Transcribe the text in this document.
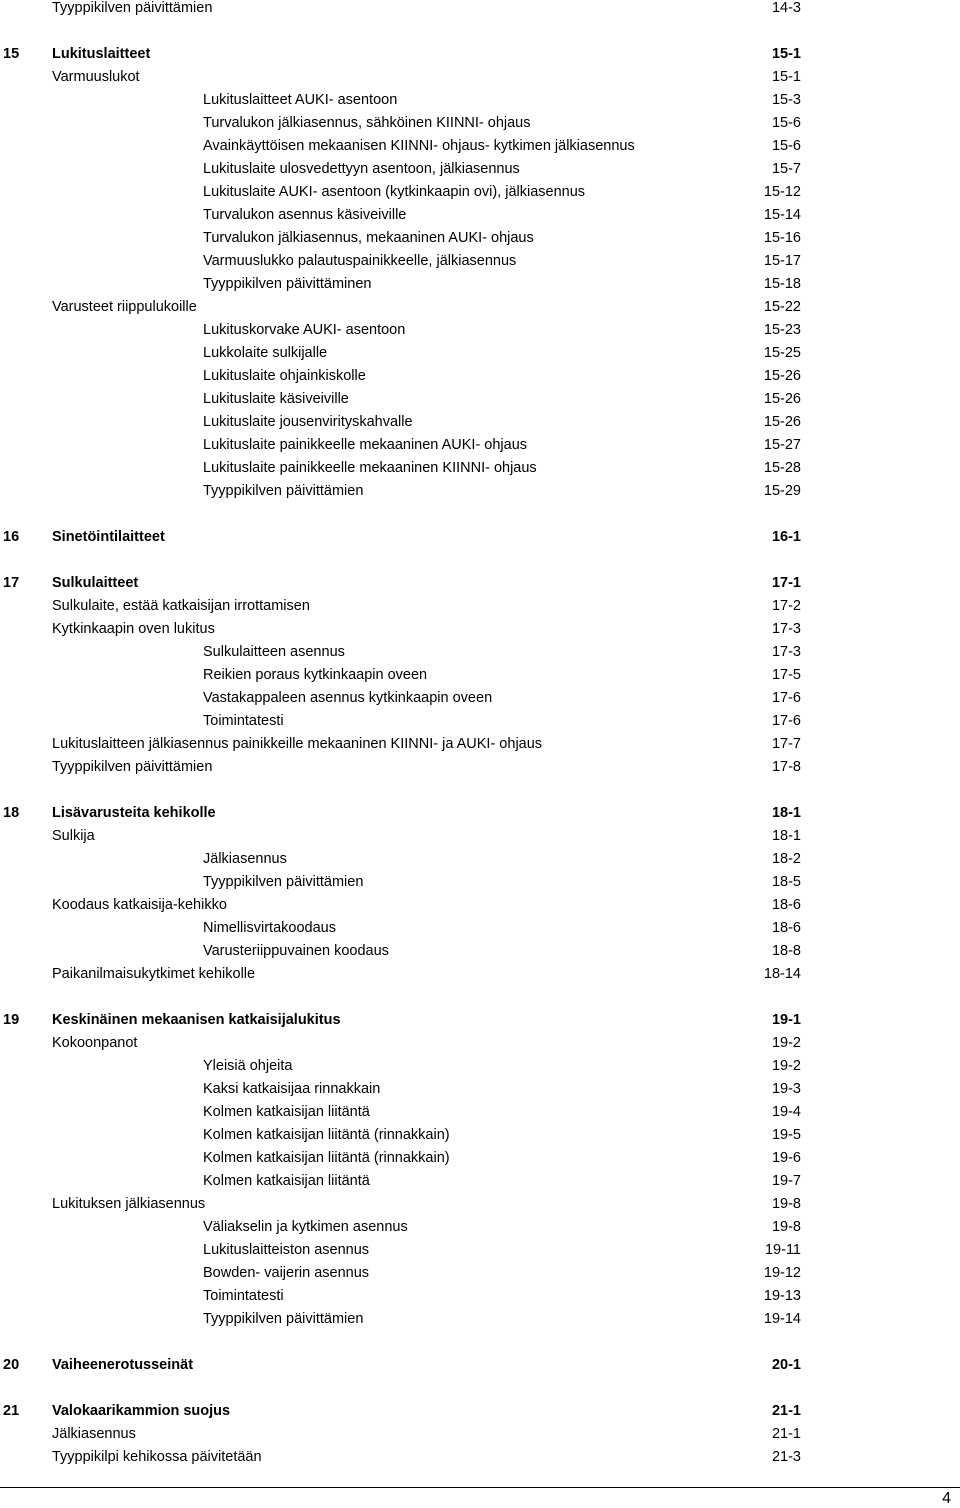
Tyyppikilven päivittämien	14-3
15 Lukituslaitteet	15-1
Varmuuslukot	15-1
Lukituslaitteet AUKI- asentoon	15-3
Turvalukon jälkiasennus, sähköinen KIINNI- ohjaus	15-6
Avainkäyttöisen mekaanisen KIINNI- ohjaus- kytkimen jälkiasennus	15-6
Lukituslaite ulosvedettyyn asentoon, jälkiasennus	15-7
Lukituslaite AUKI- asentoon (kytkinkaapin ovi), jälkiasennus	15-12
Turvalukon asennus käsiveiville	15-14
Turvalukon jälkiasennus, mekaaninen AUKI- ohjaus	15-16
Varmuuslukko palautuspainikkeelle, jälkiasennus	15-17
Tyyppikilven päivittäminen	15-18
Varusteet riippulukoille	15-22
Lukituskorvake AUKI- asentoon	15-23
Lukkolaite sulkijalle	15-25
Lukituslaite ohjainkiskolle	15-26
Lukituslaite käsiveiville	15-26
Lukituslaite jousenvirityskahvalle	15-26
Lukituslaite painikkeelle mekaaninen AUKI- ohjaus	15-27
Lukituslaite painikkeelle mekaaninen KIINNI- ohjaus	15-28
Tyyppikilven päivittämien	15-29
16 Sinetöintilaitteet	16-1
17 Sulkulaitteet	17-1
Sulkulaite, estää katkaisijan irrottamisen	17-2
Kytkinkaapin oven lukitus	17-3
Sulkulaitteen asennus	17-3
Reikien poraus kytkinkaapin oveen	17-5
Vastakappaleen asennus kytkinkaapin oveen	17-6
Toimintatesti	17-6
Lukituslaitteen jälkiasennus painikkeille mekaaninen KIINNI- ja AUKI- ohjaus	17-7
Tyyppikilven päivittämien	17-8
18 Lisävarusteita kehikolle	18-1
Sulkija	18-1
Jälkiasennus	18-2
Tyyppikilven päivittämien	18-5
Koodaus katkaisija-kehikko	18-6
Nimellisvirtakoodaus	18-6
Varusteriippuvainen koodaus	18-8
Paikanilmaisukytkimet kehikolle	18-14
19 Keskinäinen mekaanisen katkaisijalukitus	19-1
Kokoonpanot	19-2
Yleisiä ohjeita	19-2
Kaksi katkaisijaa rinnakkain	19-3
Kolmen katkaisijan liitäntä	19-4
Kolmen katkaisijan liitäntä (rinnakkain)	19-5
Kolmen katkaisijan liitäntä (rinnakkain)	19-6
Kolmen katkaisijan liitäntä	19-7
Lukituksen jälkiasennus	19-8
Väliakselin ja kytkimen asennus	19-8
Lukituslaitteiston asennus	19-11
Bowden- vaijerin asennus	19-12
Toimintatesti	19-13
Tyyppikilven päivittämien	19-14
20 Vaiheenerotusseinät	20-1
21 Valokaarikammion suojus	21-1
Jälkiasennus	21-1
Tyyppikilpi kehikossa päivitetään	21-3
4
